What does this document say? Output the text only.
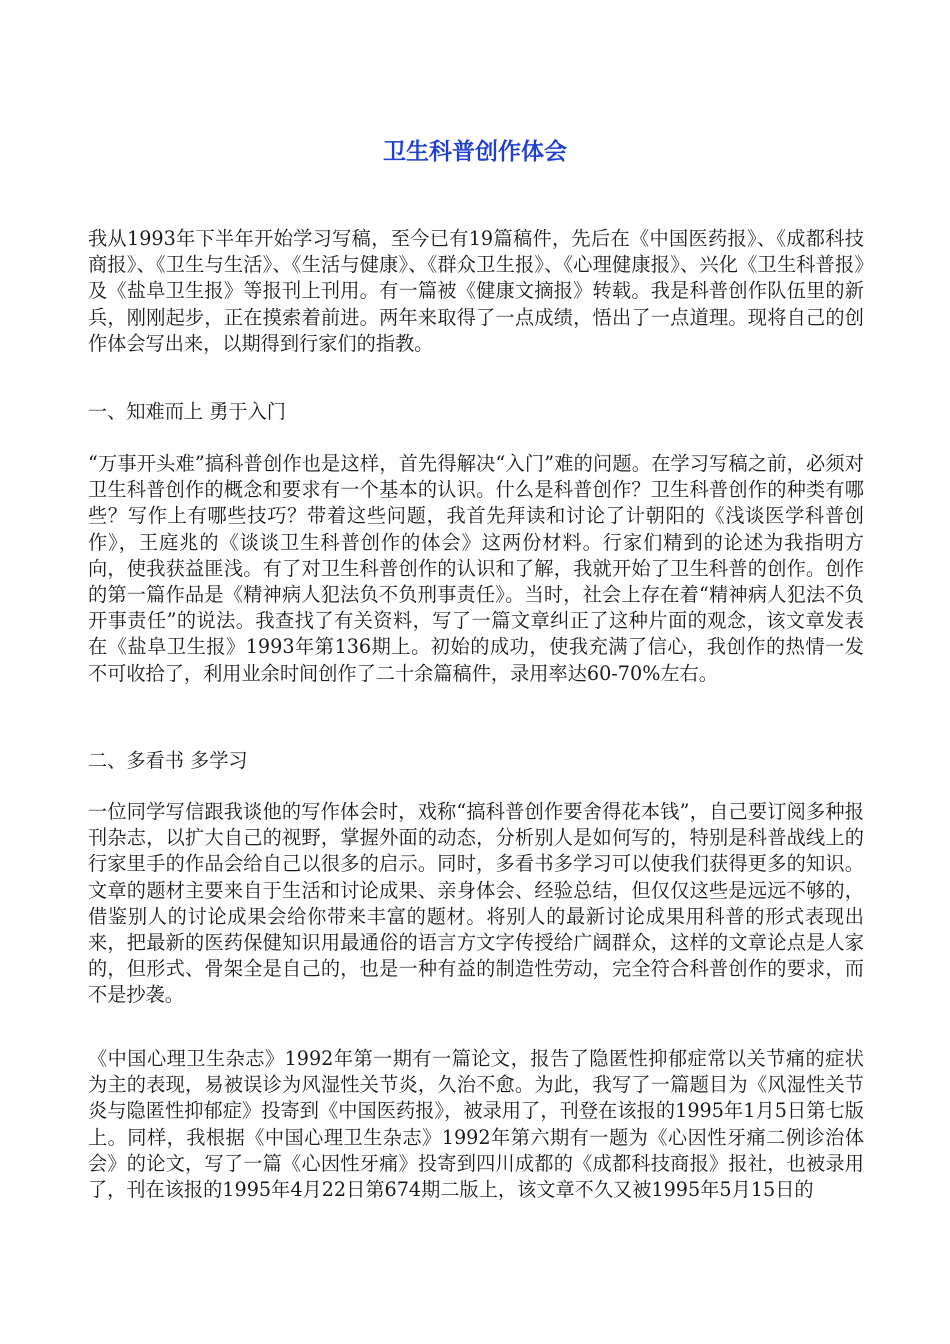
卫生科普创作体会

我从1993年下半年开始学习写稿，至今已有19篇稿件，先后在《中国医药报》、《成都科技商报》、《卫生与生活》、《生活与健康》、《群众卫生报》、《心理健康报》、兴化《卫生科普报》及《盐阜卫生报》等报刊上刊用。有一篇被《健康文摘报》转载。我是科普创作队伍里的新兵，刚刚起步，正在摸索着前进。两年来取得了一点成绩，悟出了一点道理。现将自己的创作体会写出来，以期得到行家们的指教。

一、知难而上 勇于入门

“万事开头难”搞科普创作也是这样，首先得解决“入门”难的问题。在学习写稿之前，必须对卫生科普创作的概念和要求有一个基本的认识。什么是科普创作？卫生科普创作的种类有哪些？写作上有哪些技巧？带着这些问题，我首先拜读和讨论了计朝阳的《浅谈医学科普创作》，王庭兆的《谈谈卫生科普创作的体会》这两份材料。行家们精到的论述为我指明方向，使我获益匪浅。有了对卫生科普创作的认识和了解，我就开始了卫生科普的创作。创作的第一篇作品是《精神病人犯法负不负刑事责任》。当时，社会上存在着“精神病人犯法不负开事责任”的说法。我查找了有关资料，写了一篇文章纠正了这种片面的观念，该文章发表在《盐阜卫生报》1993年第136期上。初始的成功，使我充满了信心，我创作的热情一发不可收拾了，利用业余时间创作了二十余篇稿件，录用率达60-70%左右。

二、多看书 多学习

一位同学写信跟我谈他的写作体会时，戏称“搞科普创作要舍得花本钱”，自己要订阅多种报刊杂志，以扩大自己的视野，掌握外面的动态，分析别人是如何写的，特别是科普战线上的行家里手的作品会给自己以很多的启示。同时，多看书多学习可以使我们获得更多的知识。文章的题材主要来自于生活和讨论成果、亲身体会、经验总结，但仅仅这些是远远不够的，借鉴别人的讨论成果会给你带来丰富的题材。将别人的最新讨论成果用科普的形式表现出来，把最新的医药保健知识用最通俗的语言方文字传授给广阔群众，这样的文章论点是人家的，但形式、骨架全是自己的，也是一种有益的制造性劳动，完全符合科普创作的要求，而不是抄袭。

《中国心理卫生杂志》1992年第一期有一篇论文，报告了隐匿性抑郁症常以关节痛的症状为主的表现，易被误诊为风湿性关节炎，久治不愈。为此，我写了一篇题目为《风湿性关节炎与隐匿性抑郁症》投寄到《中国医药报》，被录用了，刊登在该报的1995年1月5日第七版上。同样，我根据《中国心理卫生杂志》1992年第六期有一题为《心因性牙痛二例诊治体会》的论文，写了一篇《心因性牙痛》投寄到四川成都的《成都科技商报》报社，也被录用了，刊在该报的1995年4月22日第674期二版上，该文章不久又被1995年5月15日的
